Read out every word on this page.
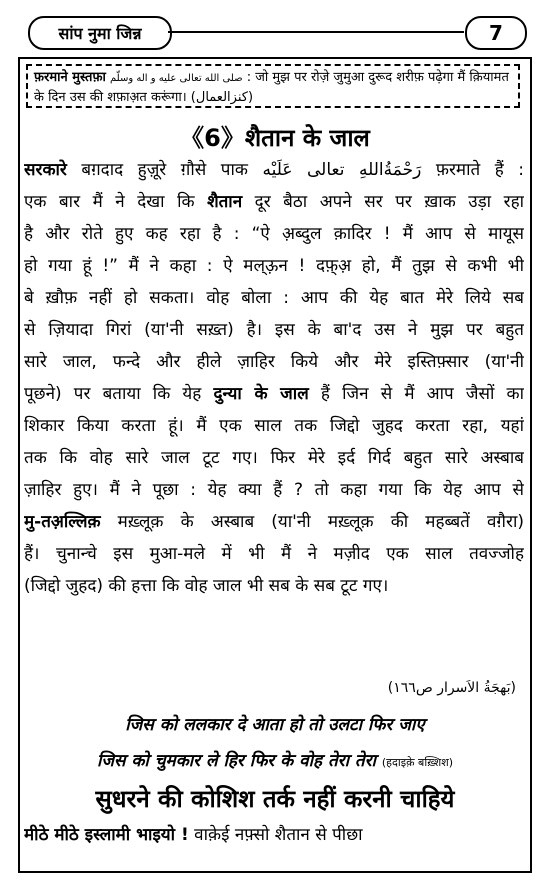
सांप नुमा जिन्न	7
फ़रमाने मुस्तफ़ा صلى الله تعالى عليه و اله وسلّم : जो मुझ पर रोज़े जुमुआ दुरूद शरीफ़ पढ़ेगा मैं क़ियामत
के दिन उस की शफ़ाअ़त करूंगा। (کنزالعمال)
《6》शैतान के जाल
सरकारे बग़दाद हुज़ूरे ग़ौसे पाक رَحْمَةُاللهِ تعالى عَلَيْه फ़रमाते हैं :
एक बार मैं ने देखा कि शैतान दूर बैठा अपने सर पर ख़ाक उड़ा रहा
है और रोते हुए कह रहा है : “ऐ अ़ब्दुल क़ादिर ! मैं आप से मायूस
हो गया हूं !” मैं ने कहा : ऐ मल्ऊ़न ! दफ़्अ़ हो, मैं तुझ से कभी भी
बे ख़ौफ़ नहीं हो सकता। वोह बोला : आप की येह बात मेरे लिये सब
से ज़ियादा गिरां (या'नी सख़्त) है। इस के बा'द उस ने मुझ पर बहुत
सारे जाल, फन्दे और हीले ज़ाहिर किये और मेरे इस्तिफ़्सार (या'नी
पूछने) पर बताया कि येह दुन्या के जाल हैं जिन से मैं आप जैसों का
शिकार किया करता हूं। मैं एक साल तक जिद्दो जुहद करता रहा, यहां
तक कि वोह सारे जाल टूट गए। फिर मेरे इर्द गिर्द बहुत सारे अस्बाब
ज़ाहिर हुए। मैं ने पूछा : येह क्या हैं ? तो कहा गया कि येह आप से
मु-तअ़ल्लिक़ मख़्लूक़ के अस्बाब (या'नी मख़्लूक़ की महब्बतें वग़ैरा)
हैं। चुनान्चे इस मुआ-मले में भी मैं ने मज़ीद एक साल तवज्जोह
(जिद्दो जुहद) की हत्ता कि वोह जाल भी सब के सब टूट गए।
(بَهجَةُ الاَسرار ص١٦٦)
जिस को ललकार दे आता हो तो उलटा फिर जाए
जिस को चुमकार ले हिर फिर के वोह तेरा तेरा (हदाइक़े बख़्शिश)
सुधरने की कोशिश तर्क नहीं करनी चाहिये
मीठे मीठे इस्लामी भाइयो ! वाक़ेई नफ़्सो शैतान से पीछा
